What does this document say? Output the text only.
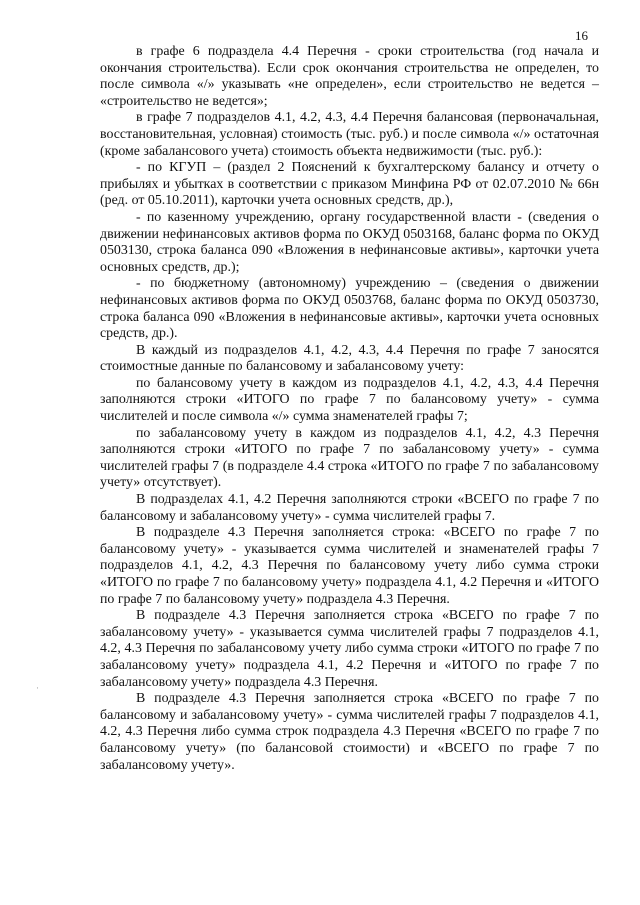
16
·

в графе 6 подраздела 4.4 Перечня - сроки строительства (год начала и окончания строительства). Если срок окончания строительства не определен, то после символа «/» указывать «не определен», если строительство не ведется – «строительство не ведется»;

в графе 7 подразделов 4.1, 4.2, 4.3, 4.4 Перечня балансовая (первоначальная, восстановительная, условная) стоимость (тыс. руб.) и после символа «/» остаточная (кроме забалансового учета) стоимость объекта недвижимости (тыс. руб.):

- по КГУП – (раздел 2 Пояснений к бухгалтерскому балансу и отчету о прибылях и убытках в соответствии с приказом Минфина РФ от 02.07.2010 № 66н (ред. от 05.10.2011), карточки учета основных средств, др.),

- по казенному учреждению, органу государственной власти - (сведения о движении нефинансовых активов форма по ОКУД 0503168, баланс форма по ОКУД 0503130, строка баланса 090 «Вложения в нефинансовые активы», карточки учета основных средств, др.);

- по бюджетному (автономному) учреждению – (сведения о движении нефинансовых активов форма по ОКУД 0503768, баланс форма по ОКУД 0503730, строка баланса 090 «Вложения в нефинансовые активы», карточки учета основных средств, др.).

В каждый из подразделов 4.1, 4.2, 4.3, 4.4 Перечня по графе 7 заносятся стоимостные данные по балансовому и забалансовому учету:

по балансовому учету в каждом из подразделов 4.1, 4.2, 4.3, 4.4 Перечня заполняются строки «ИТОГО по графе 7 по балансовому учету» - сумма числителей и после символа «/» сумма знаменателей графы 7;

по забалансовому учету в каждом из подразделов 4.1, 4.2, 4.3 Перечня заполняются строки «ИТОГО по графе 7 по забалансовому учету» - сумма числителей графы 7 (в подразделе 4.4 строка «ИТОГО по графе 7 по забалансовому учету» отсутствует).

В подразделах 4.1, 4.2 Перечня заполняются строки «ВСЕГО по графе 7 по балансовому и забалансовому учету» - сумма числителей графы 7.

В подразделе 4.3 Перечня заполняется строка: «ВСЕГО по графе 7 по балансовому учету» - указывается сумма числителей и знаменателей графы 7 подразделов 4.1, 4.2, 4.3 Перечня по балансовому учету либо сумма строки «ИТОГО по графе 7 по балансовому учету» подраздела 4.1, 4.2 Перечня и «ИТОГО по графе 7 по балансовому учету» подраздела 4.3 Перечня.

В подразделе 4.3 Перечня заполняется строка «ВСЕГО по графе 7 по забалансовому учету» - указывается сумма числителей графы 7 подразделов 4.1, 4.2, 4.3 Перечня по забалансовому учету либо сумма строки «ИТОГО по графе 7 по забалансовому учету» подраздела 4.1, 4.2 Перечня и «ИТОГО по графе 7 по забалансовому учету» подраздела 4.3 Перечня.

В подразделе 4.3 Перечня заполняется строка «ВСЕГО по графе 7 по балансовому и забалансовому учету» - сумма числителей графы 7 подразделов 4.1, 4.2, 4.3 Перечня либо сумма строк подраздела 4.3 Перечня «ВСЕГО по графе 7 по балансовому учету» (по балансовой стоимости) и «ВСЕГО по графе 7 по забалансовому учету».
